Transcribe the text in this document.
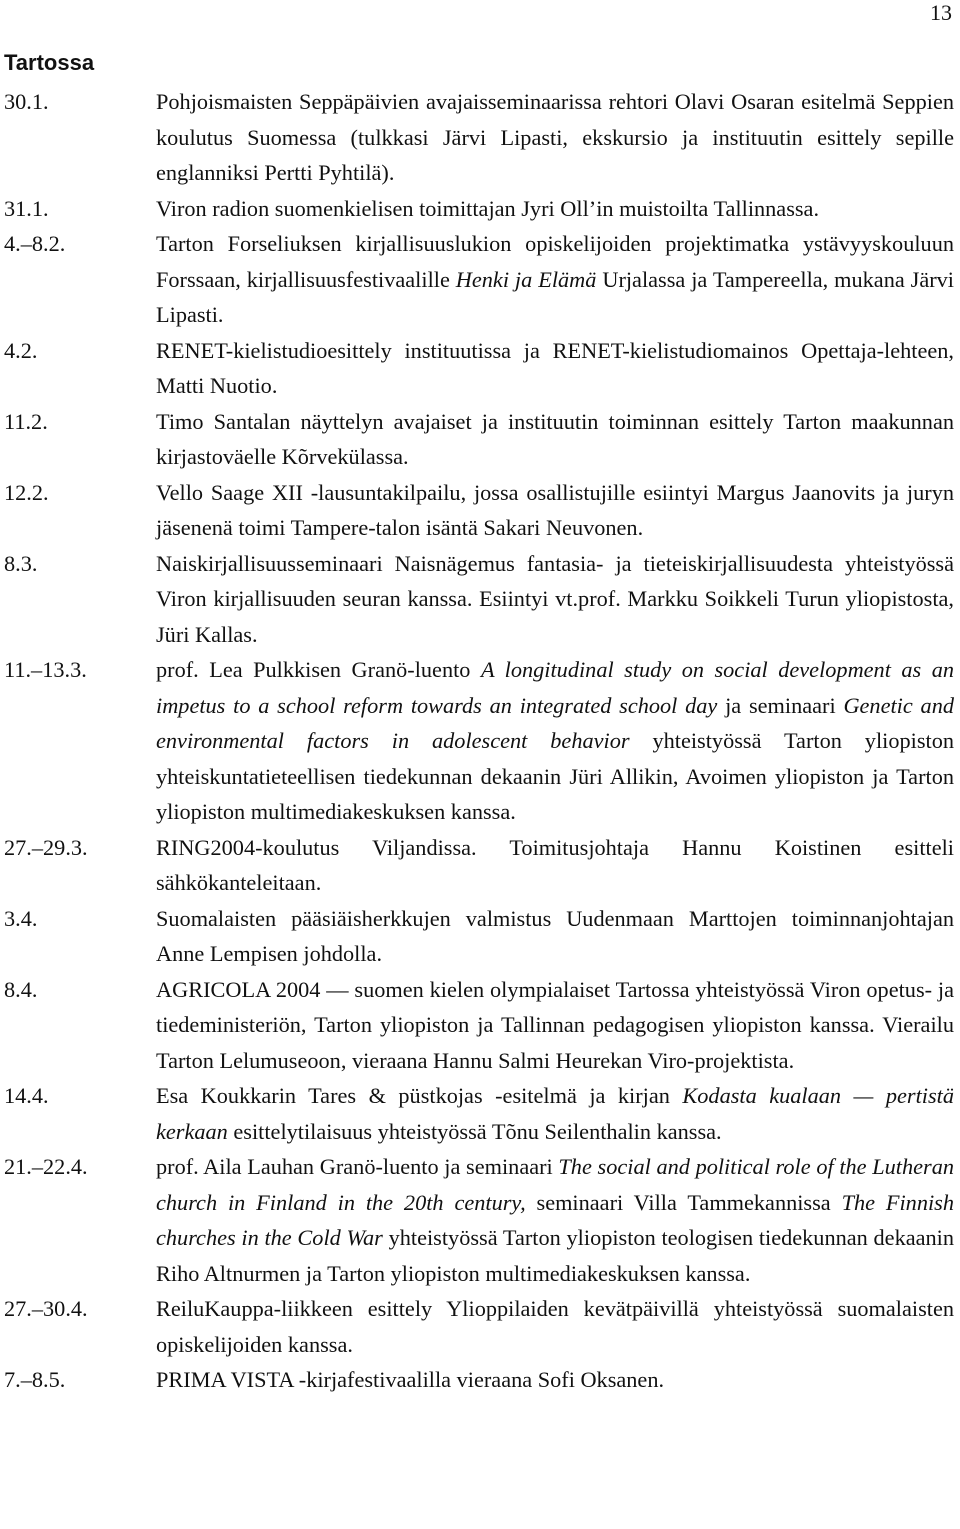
13
Tartossa
30.1.	Pohjoismaisten Seppäpäivien avajaisseminaarissa rehtori Olavi Osaran esitelmä Seppien koulutus Suomessa (tulkkasi Järvi Lipasti, ekskursio ja instituutin esittely sepille englanniksi Pertti Pyhtilä).
31.1.	Viron radion suomenkielisen toimittajan Jyri Oll’in muistoilta Tallinnassa.
4.–8.2.	Tarton Forseliuksen kirjallisuuslukion opiskelijoiden projektimatka ystävyyskouluun Forssaan, kirjallisuusfestivaalille Henki ja Elämä Urjalassa ja Tampereella, mukana Järvi Lipasti.
4.2.	RENET-kielistudioesittely instituutissa ja RENET-kielistudiomainos Opettaja-lehteen, Matti Nuotio.
11.2.	Timo Santalan näyttelyn avajaiset ja instituutin toiminnan esittely Tarton maakunnan kirjastoväelle Kõrvekülassa.
12.2.	Vello Saage XII -lausuntakilpailu, jossa osallistujille esiintyi Margus Jaanovits ja juryn jäsenenä toimi Tampere-talon isäntä Sakari Neuvonen.
8.3.	Naiskirjallisuusseminaari Naisnägemus fantasia- ja tieteiskirjallisuudesta yhteistyössä Viron kirjallisuuden seuran kanssa. Esiintyi vt.prof. Markku Soikkeli Turun yliopistosta, Jüri Kallas.
11.–13.3.	prof. Lea Pulkkisen Granö-luento A longitudinal study on social development as an impetus to a school reform towards an integrated school day ja seminaari Genetic and environmental factors in adolescent behavior yhteistyössä Tarton yliopiston yhteiskuntatieteellisen tiedekunnan dekaanin Jüri Allikin, Avoimen yliopiston ja Tarton yliopiston multimediakeskuksen kanssa.
27.–29.3.	RING2004-koulutus Viljandissa. Toimitusjohtaja Hannu Koistinen esitteli sähkökanteleitaan.
3.4.	Suomalaisten pääsiäisherkkujen valmistus Uudenmaan Marttojen toiminnanjohtajan Anne Lempisen johdolla.
8.4.	AGRICOLA 2004 — suomen kielen olympialaiset Tartossa yhteistyössä Viron opetus- ja tiedeministeriön, Tarton yliopiston ja Tallinnan pedagogisen yliopiston kanssa. Vierailu Tarton Lelumuseoon, vieraana Hannu Salmi Heurekan Viro-projektista.
14.4.	Esa Koukkarin Tares & püstkojas -esitelmä ja kirjan Kodasta kualaan — pertistä kerkaan esittelytilaisuus yhteistyössä Tõnu Seilenthalin kanssa.
21.–22.4.	prof. Aila Lauhan Granö-luento ja seminaari The social and political role of the Lutheran church in Finland in the 20th century, seminaari Villa Tammekannissa The Finnish churches in the Cold War yhteistyössä Tarton yliopiston teologisen tiedekunnan dekaanin Riho Altnurmen ja Tarton yliopiston multimediakeskuksen kanssa.
27.–30.4.	ReiluKauppa-liikkeen esittely Ylioppilaiden kevätpäivillä yhteistyössä suomalaisten opiskelijoiden kanssa.
7.–8.5.	PRIMA VISTA -kirjafestivaalilla vieraana Sofi Oksanen.
